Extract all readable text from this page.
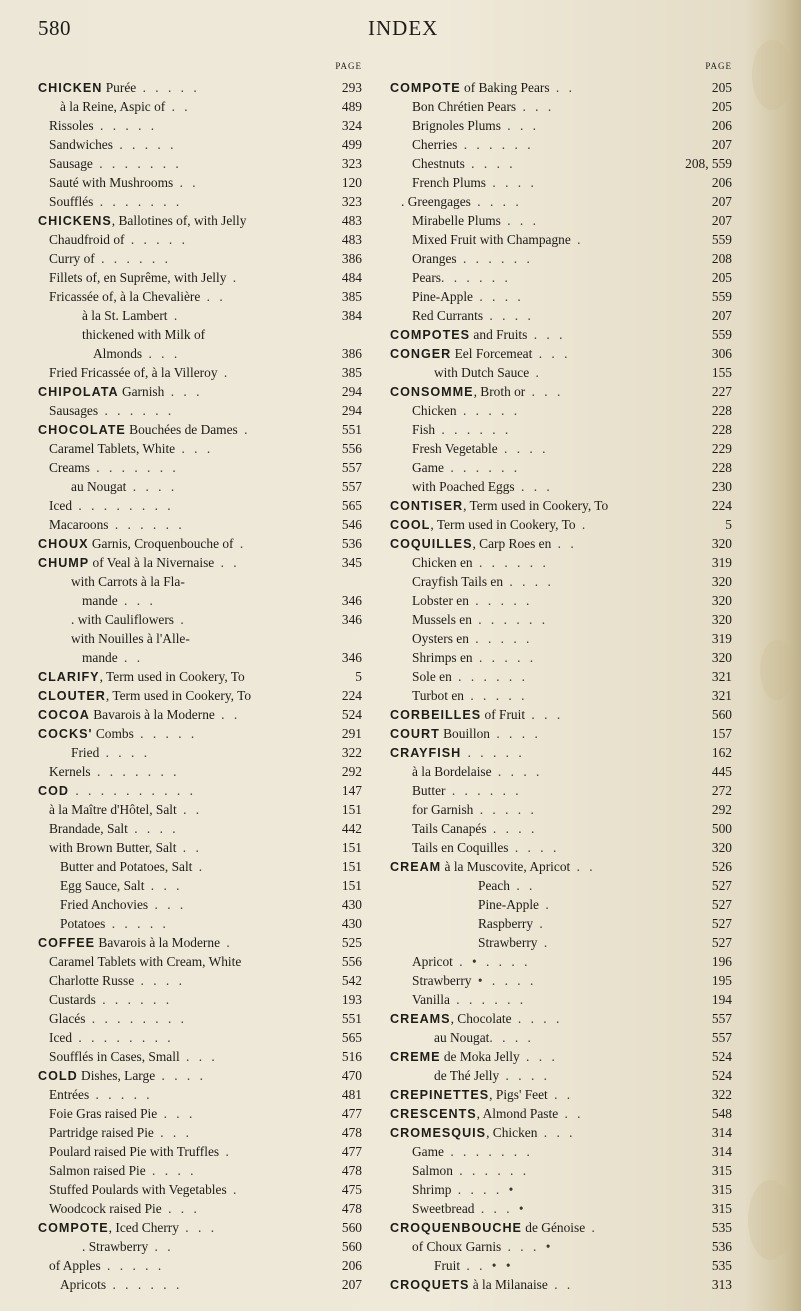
580	INDEX
PAGE
CHICKEN Purée . . . . .	293
à la Reine, Aspic of . .	489
Rissoles . . . . .	324
Sandwiches . . . . .	499
Sausage . . . . . . .	323
Sauté with Mushrooms . .	120
Soufflés . . . . . . .	323
CHICKENS, Ballotines of, with Jelly	483
Chaudfroid of . . . . .	483
Curry of . . . . . .	386
Fillets of, en Suprême, with Jelly .	484
Fricassée of, à la Chevalière . .	385
à la St. Lambert .	384
thickened with Milk of
Almonds . . .	386
Fried Fricassée of, à la Villeroy .	385
CHIPOLATA Garnish . . .	294
Sausages . . . . . .	294
CHOCOLATE Bouchées de Dames .	551
Caramel Tablets, White . . .	556
Creams . . . . . . .	557
au Nougat . . . .	557
Iced . . . . . . . .	565
Macaroons . . . . . .	546
CHOUX Garnis, Croquenbouche of .	536
CHUMP of Veal à la Nivernaise . .	345
with Carrots à la Fla-
mande . . .	346
. with Cauliflowers .	346
with Nouilles à l'Alle-
mande . .	346
CLARIFY, Term used in Cookery, To	5
CLOUTER, Term used in Cookery, To	224
COCOA Bavarois à la Moderne . .	524
COCKS' Combs . . . . .	291
Fried . . . .	322
Kernels . . . . . . .	292
COD . . . . . . . . . .	147
à la Maître d'Hôtel, Salt . .	151
Brandade, Salt . . . .	442
with Brown Butter, Salt . .	151
Butter and Potatoes, Salt .	151
Egg Sauce, Salt . . .	151
Fried Anchovies . . .	430
Potatoes . . . . .	430
COFFEE Bavarois à la Moderne .	525
Caramel Tablets with Cream, White	556
Charlotte Russe . . . .	542
Custards . . . . . .	193
Glacés . . . . . . . .	551
Iced . . . . . . . .	565
Soufflés in Cases, Small . . .	516
COLD Dishes, Large . . . .	470
Entrées . . . . .	481
Foie Gras raised Pie . . .	477
Partridge raised Pie . . .	478
Poulard raised Pie with Truffles .	477
Salmon raised Pie . . . .	478
Stuffed Poulards with Vegetables .	475
Woodcock raised Pie . . .	478
COMPOTE, Iced Cherry . . .	560
. Strawberry . .	560
of Apples . . . . .	206
Apricots . . . . . .	207
PAGE
COMPOTE of Baking Pears . .	205
Bon Chrétien Pears . . .	205
Brignoles Plums . . .	206
Cherries . . . . . .	207
Chestnuts . . . .	208, 559
French Plums . . . .	206
. Greengages . . . .	207
Mirabelle Plums . . .	207
Mixed Fruit with Champagne .	559
Oranges . . . . . .	208
Pears. . . . . .	205
Pine-Apple . . . .	559
Red Currants . . . .	207
COMPOTES and Fruits . . .	559
CONGER Eel Forcemeat . . .	306
with Dutch Sauce .	155
CONSOMME, Broth or . . .	227
Chicken . . . . .	228
Fish . . . . . .	228
Fresh Vegetable . . . .	229
Game . . . . . .	228
with Poached Eggs . . .	230
CONTISER, Term used in Cookery, To	224
COOL, Term used in Cookery, To .	5
COQUILLES, Carp Roes en . .	320
Chicken en . . . . . .	319
Crayfish Tails en . . . .	320
Lobster en . . . . .	320
Mussels en . . . . . .	320
Oysters en . . . . .	319
Shrimps en . . . . .	320
Sole en . . . . . .	321
Turbot en . . . . .	321
CORBEILLES of Fruit . . .	560
COURT Bouillon . . . .	157
CRAYFISH . . . . .	162
à la Bordelaise . . . .	445
Butter . . . . . .	272
for Garnish . . . . .	292
Tails Canapés . . . .	500
Tails en Coquilles . . . .	320
CREAM à la Muscovite, Apricot . .	526
Peach . .	527
Pine-Apple .	527
Raspberry .	527
Strawberry .	527
Apricot . • . . . .	196
Strawberry • . . . .	195
Vanilla . . . . . .	194
CREAMS, Chocolate . . . .	557
au Nougat. . . .	557
CREME de Moka Jelly . . .	524
de Thé Jelly . . . .	524
CREPINETTES, Pigs' Feet . .	322
CRESCENTS, Almond Paste . .	548
CROMESQUIS, Chicken . . .	314
Game . . . . . . .	314
Salmon . . . . . .	315
Shrimp . . . . •	315
Sweetbread . . . •	315
CROQUENBOUCHE de Génoise .	535
of Choux Garnis . . . •	536
Fruit . . • •	535
CROQUETS à la Milanaise . .	313
